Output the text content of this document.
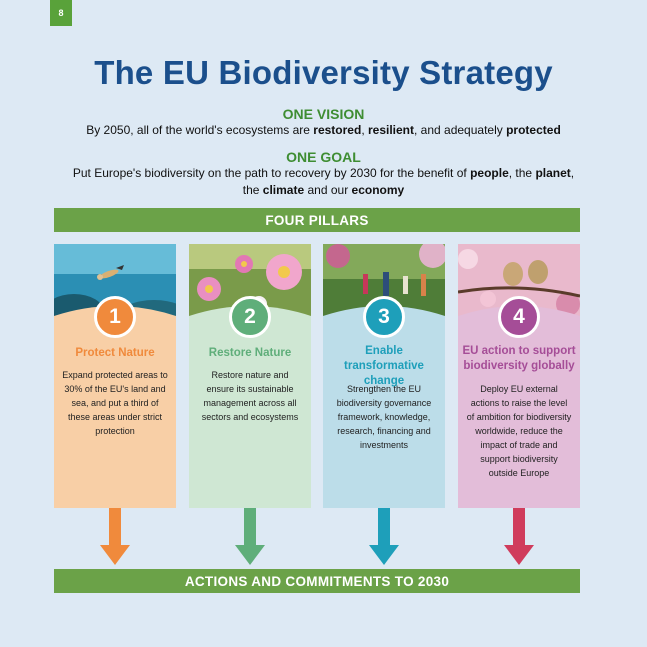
8
The EU Biodiversity Strategy
ONE VISION
By 2050, all of the world's ecosystems are restored, resilient, and adequately protected
ONE GOAL
Put Europe's biodiversity on the path to recovery by 2030 for the benefit of people, the planet,
the climate and our economy
FOUR PILLARS
1
Protect Nature
Expand protected areas to 30% of the EU's land and sea, and put a third of these areas under strict protection
2
Restore Nature
Restore nature and ensure its sustainable management across all sectors and ecosystems
3
Enable transformative change
Strengthen the EU biodiversity governance framework, knowledge, research, financing and investments
4
EU action to support biodiversity globally
Deploy EU external actions to raise the level of ambition for biodiversity worldwide, reduce the impact of trade and support biodiversity outside Europe
ACTIONS AND COMMITMENTS TO 2030
